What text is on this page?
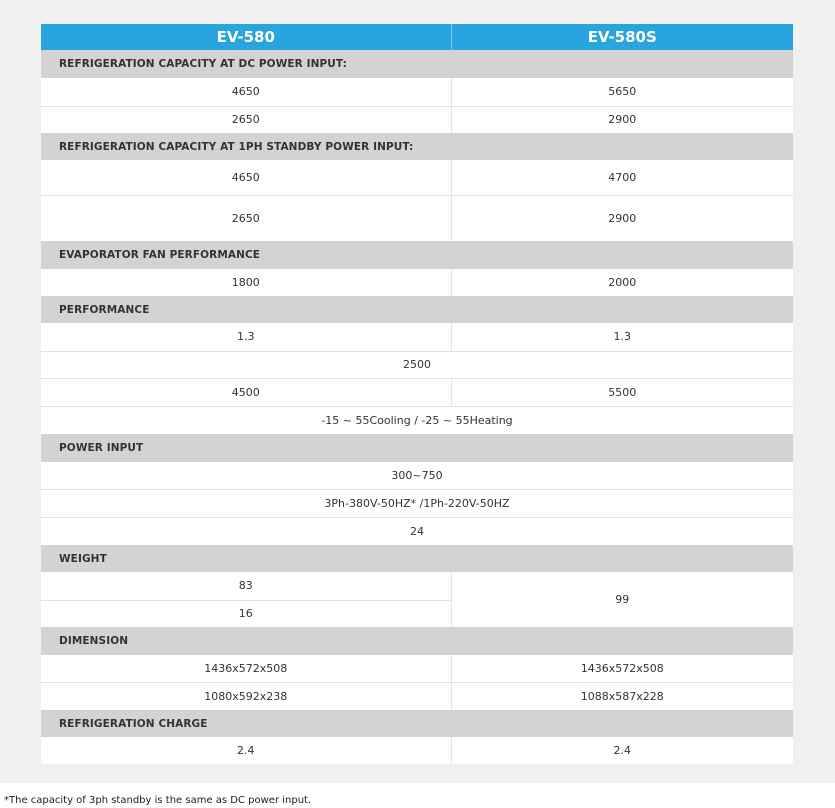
EV-580	EV-580S
REFRIGERATION CAPACITY AT DC POWER INPUT:	
4650	5650
2650	2900
REFRIGERATION CAPACITY AT 1PH STANDBY POWER INPUT:	
4650	4700
2650	2900
EVAPORATOR FAN PERFORMANCE	
1800	2000
PERFORMANCE	
1.3	1.3
2500	
4500	5500
-15 ~ 55Cooling / -25 ~ 55Heating	
POWER INPUT	
300~750	
3Ph-380V-50HZ* /1Ph-220V-50HZ	
24	
WEIGHT	
83	99
16	
DIMENSION	
1436x572x508	1436x572x508
1080x592x238	1088x587x228
REFRIGERATION CHARGE	
2.4	2.4
*The capacity of 3ph standby is the same as DC power input.
